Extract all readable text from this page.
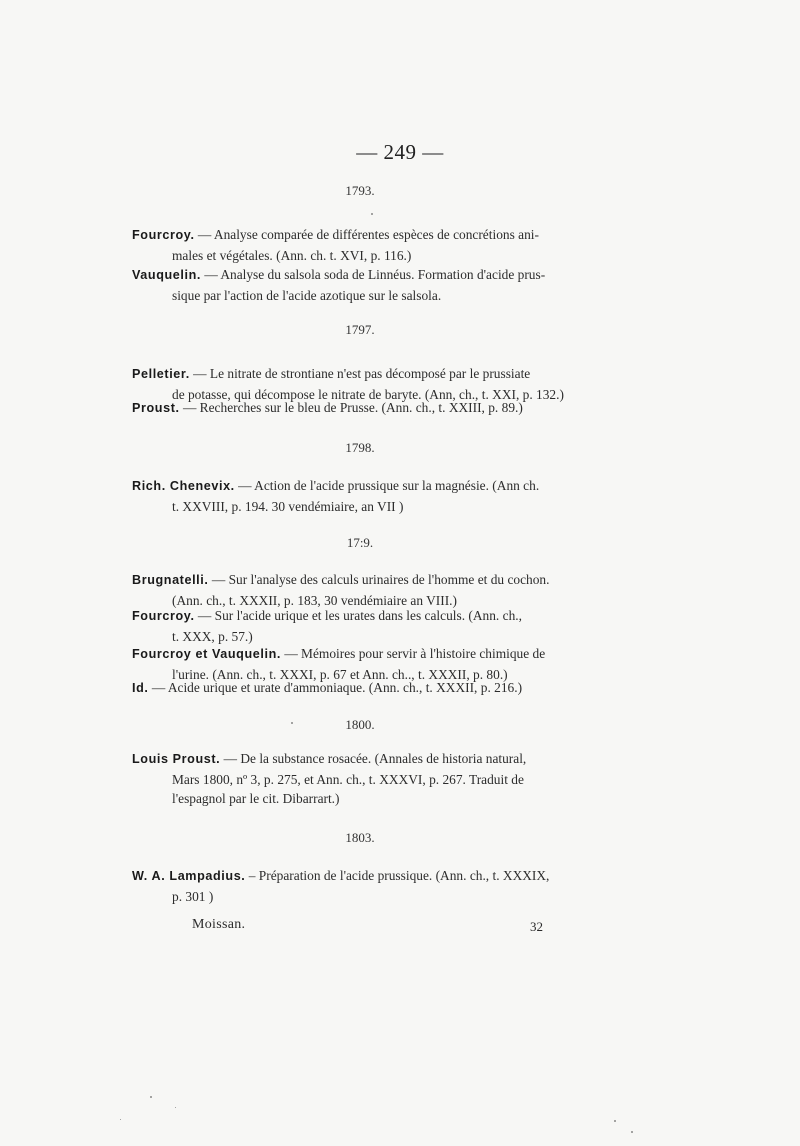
— 249 —
1793.
Fourcroy. — Analyse comparée de différentes espèces de concrétions ani-
males et végétales. (Ann. ch. t. XVI, p. 116.)
Vauquelin. — Analyse du salsola soda de Linnéus. Formation d'acide prus-
sique par l'action de l'acide azotique sur le salsola.
1797.
Pelletier. — Le nitrate de strontiane n'est pas décomposé par le prussiate
de potasse, qui décompose le nitrate de baryte. (Ann, ch., t. XXI, p. 132.)
Proust. — Recherches sur le bleu de Prusse. (Ann. ch., t. XXIII, p. 89.)
1798.
Rich. Chenevix. — Action de l'acide prussique sur la magnésie. (Ann ch.
t. XXVIII, p. 194. 30 vendémiaire, an VII )
17:9.
Brugnatelli. — Sur l'analyse des calculs urinaires de l'homme et du cochon.
(Ann. ch., t. XXXII, p. 183, 30 vendémiaire an VIII.)
Fourcroy. — Sur l'acide urique et les urates dans les calculs. (Ann. ch.,
t. XXX, p. 57.)
Fourcroy et Vauquelin. — Mémoires pour servir à l'histoire chimique de
l'urine. (Ann. ch., t. XXXI, p. 67 et Ann. ch.., t. XXXII, p. 80.)
Id. — Acide urique et urate d'ammoniaque. (Ann. ch., t. XXXII, p. 216.)
1800.
Louis Proust. — De la substance rosacée. (Annales de historia natural,
Mars 1800, nº 3, p. 275, et Ann. ch., t. XXXVI, p. 267. Traduit de
l'espagnol par le cit. Dibarrart.)
1803.
W. A. Lampadius. – Préparation de l'acide prussique. (Ann. ch., t. XXXIX,
p. 301 )
Moissan.	32
